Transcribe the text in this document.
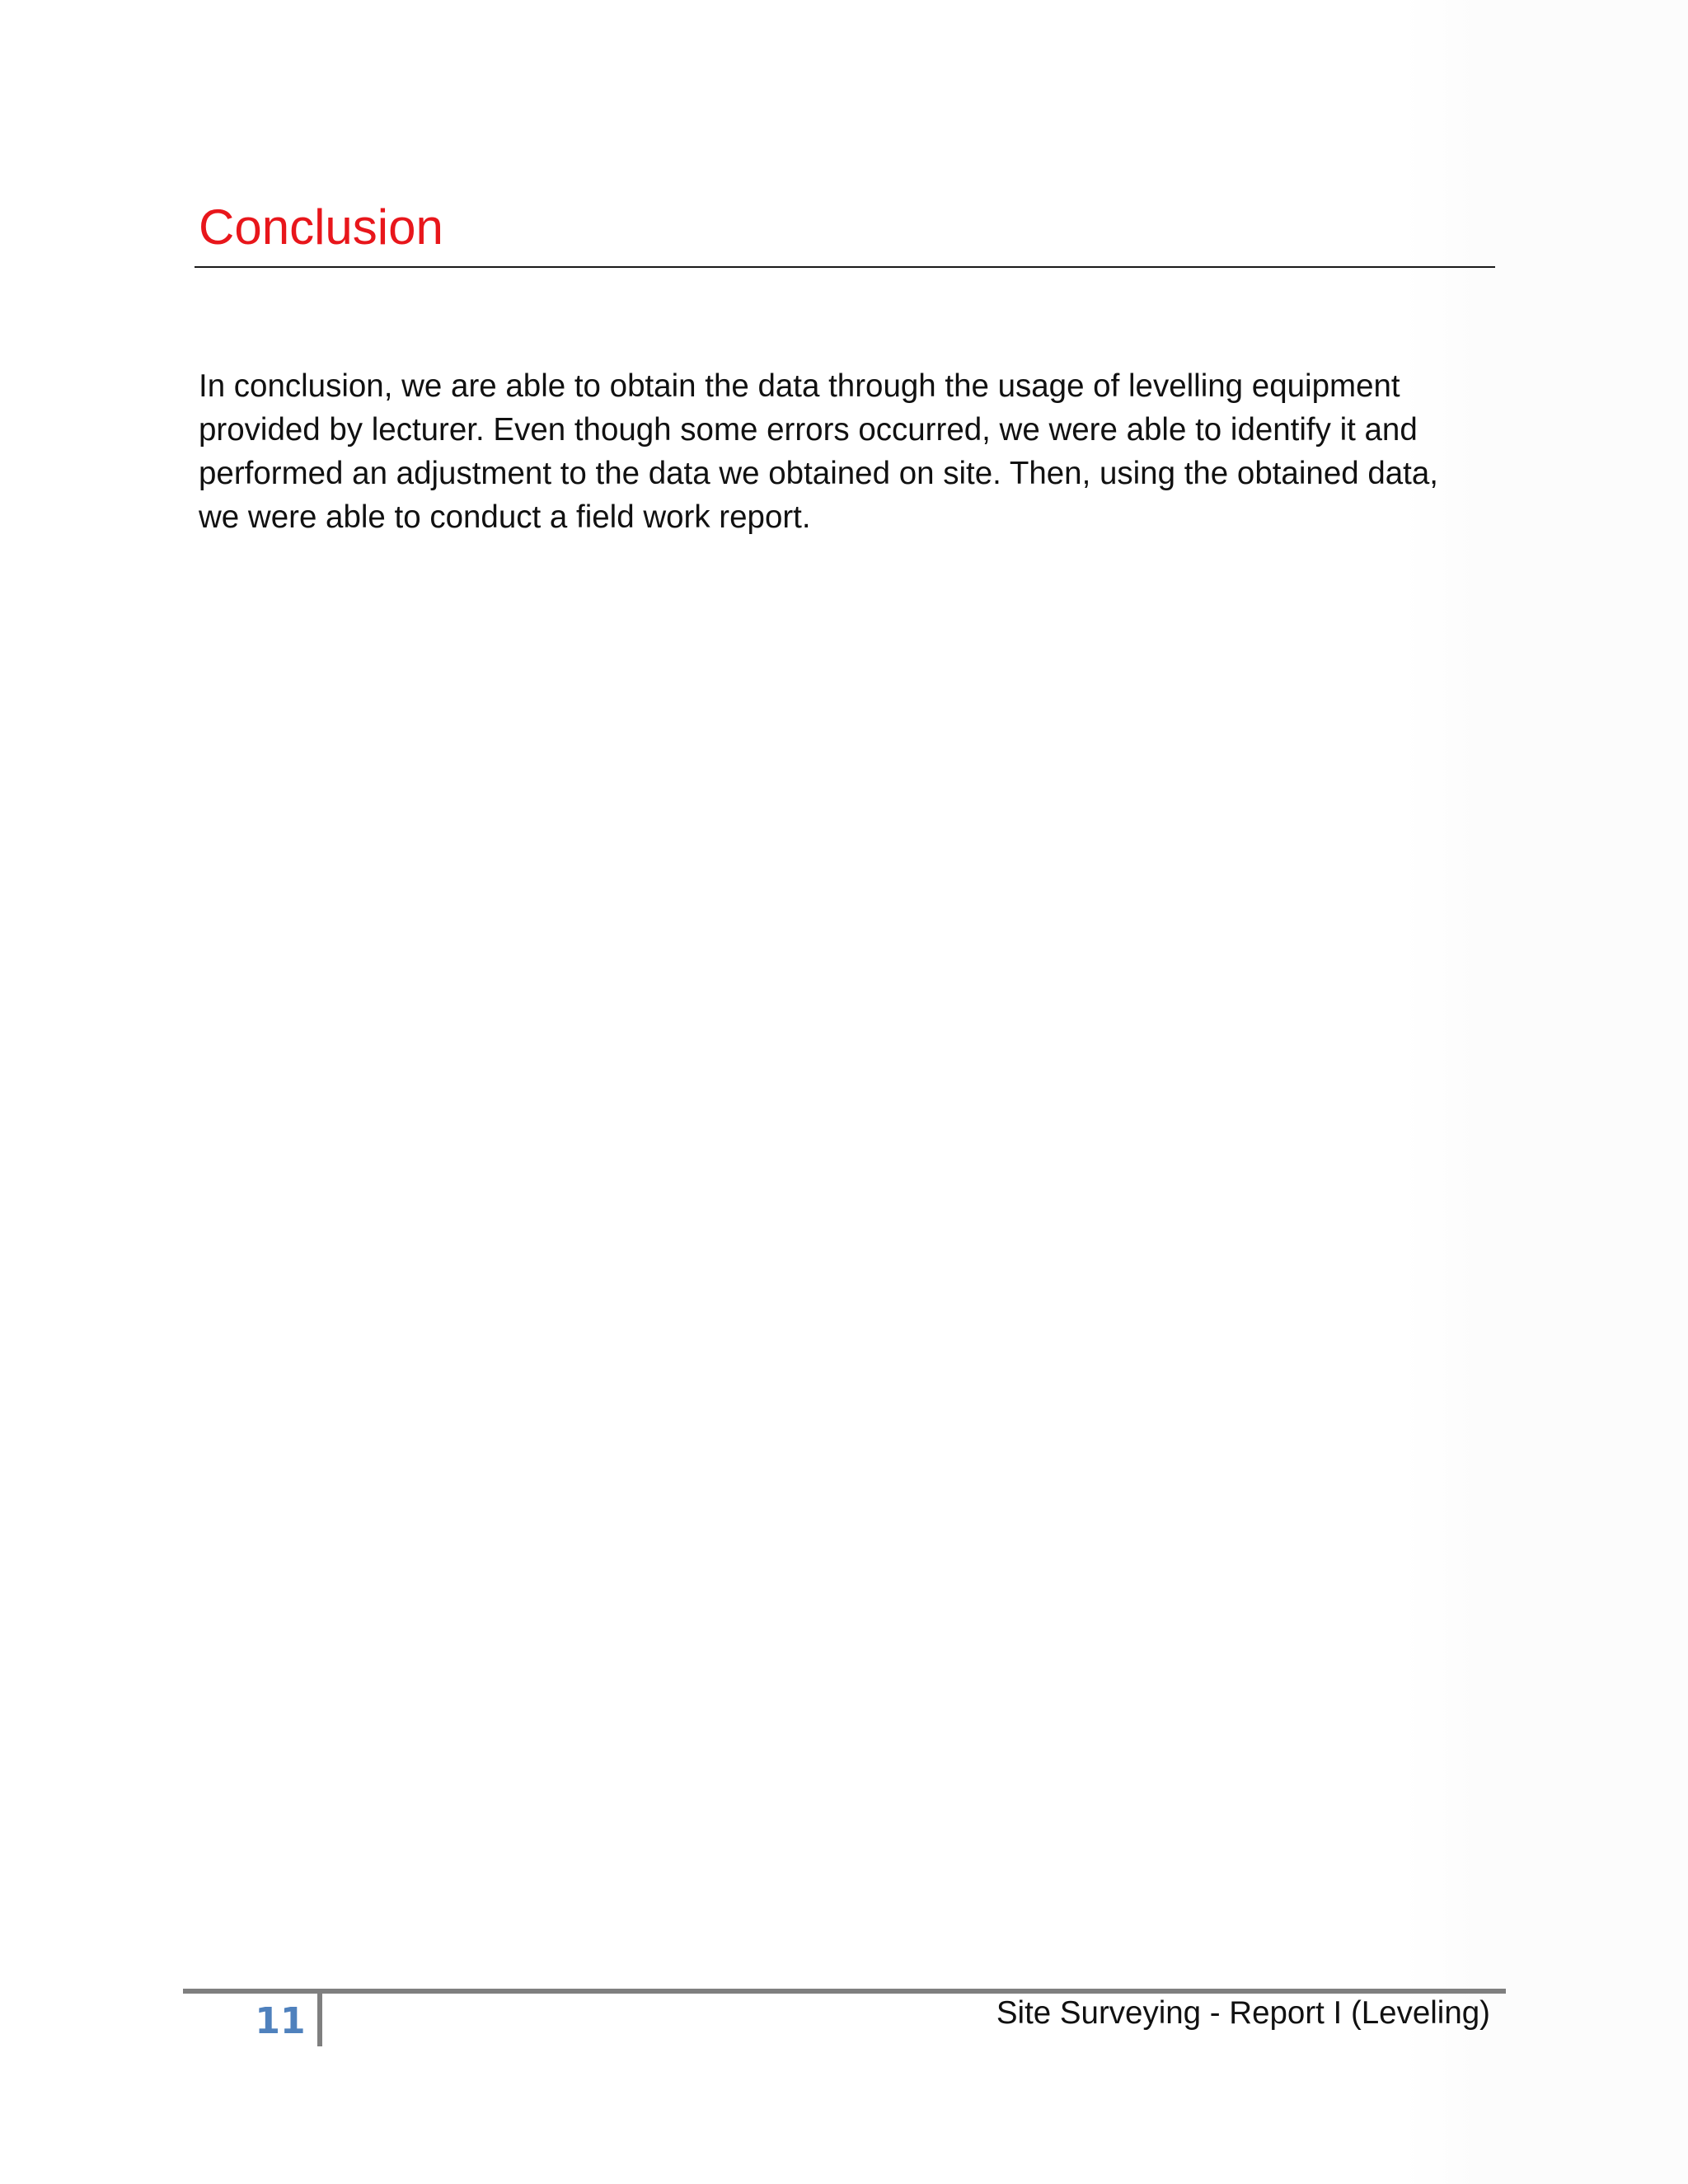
Conclusion

In conclusion, we are able to obtain the data through the usage of levelling equipment
provided by lecturer. Even though some errors occurred, we were able to identify it and
performed an adjustment to the data we obtained on site. Then, using the obtained data,
we were able to conduct a field work report.

11	Site Surveying - Report I (Leveling)
